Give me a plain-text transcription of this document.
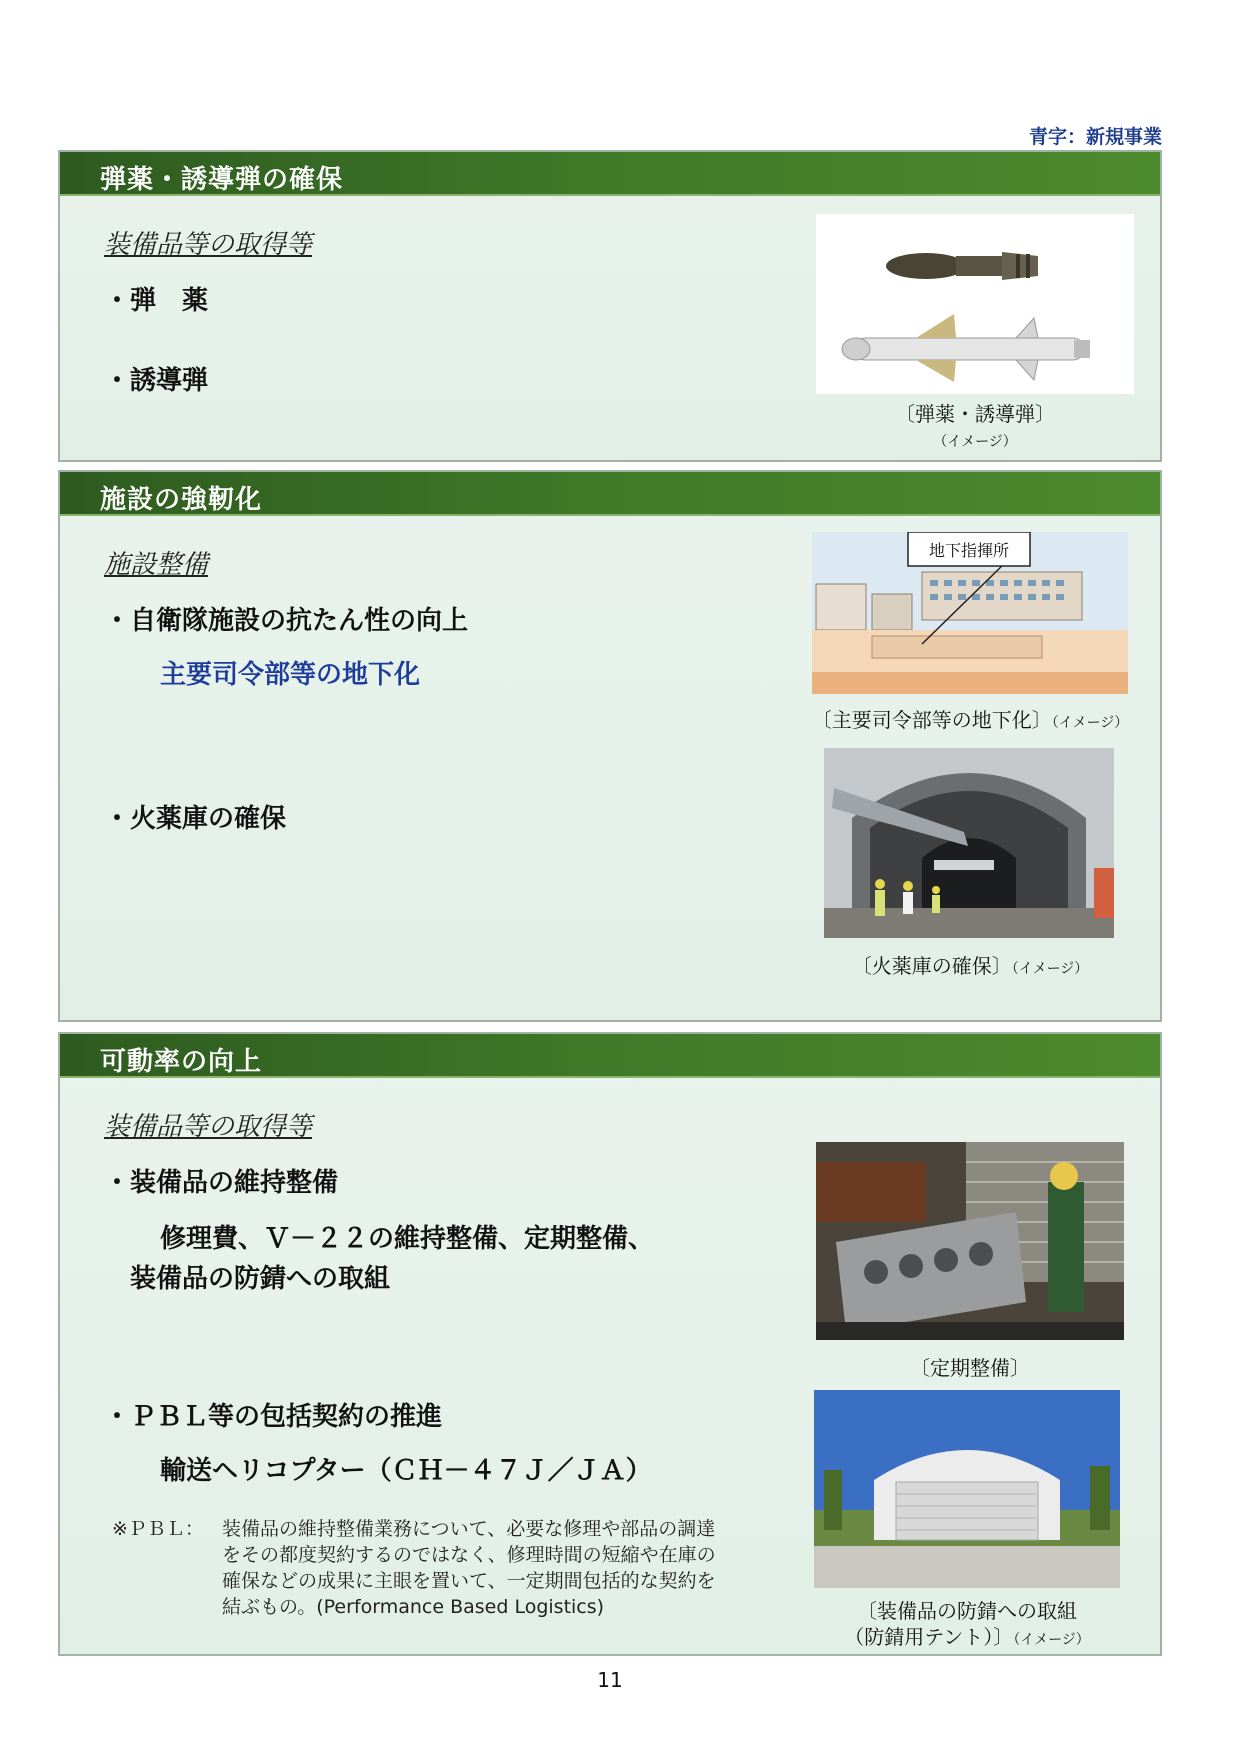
青字：新規事業
弾薬・誘導弾の確保
装備品等の取得等
・弾　薬
・誘導弾
〔弾薬・誘導弾〕
（イメージ）
施設の強靭化
施設整備
・自衛隊施設の抗たん性の向上
主要司令部等の地下化
・火薬庫の確保
地下指揮所
〔主要司令部等の地下化〕（イメージ）
〔火薬庫の確保〕（イメージ）
可動率の向上
装備品等の取得等
・装備品の維持整備
修理費、Ｖ－２２の維持整備、定期整備、
装備品の防錆への取組
・ＰＢＬ等の包括契約の推進
輸送ヘリコプター（ＣＨ－４７Ｊ／ＪＡ）
※ＰＢＬ： 装備品の維持整備業務について、必要な修理や部品の調達
をその都度契約するのではなく、修理時間の短縮や在庫の
確保などの成果に主眼を置いて、一定期間包括的な契約を
結ぶもの。(Performance Based Logistics)
〔定期整備〕
〔装備品の防錆への取組
（防錆用テント）〕（イメージ）
11
